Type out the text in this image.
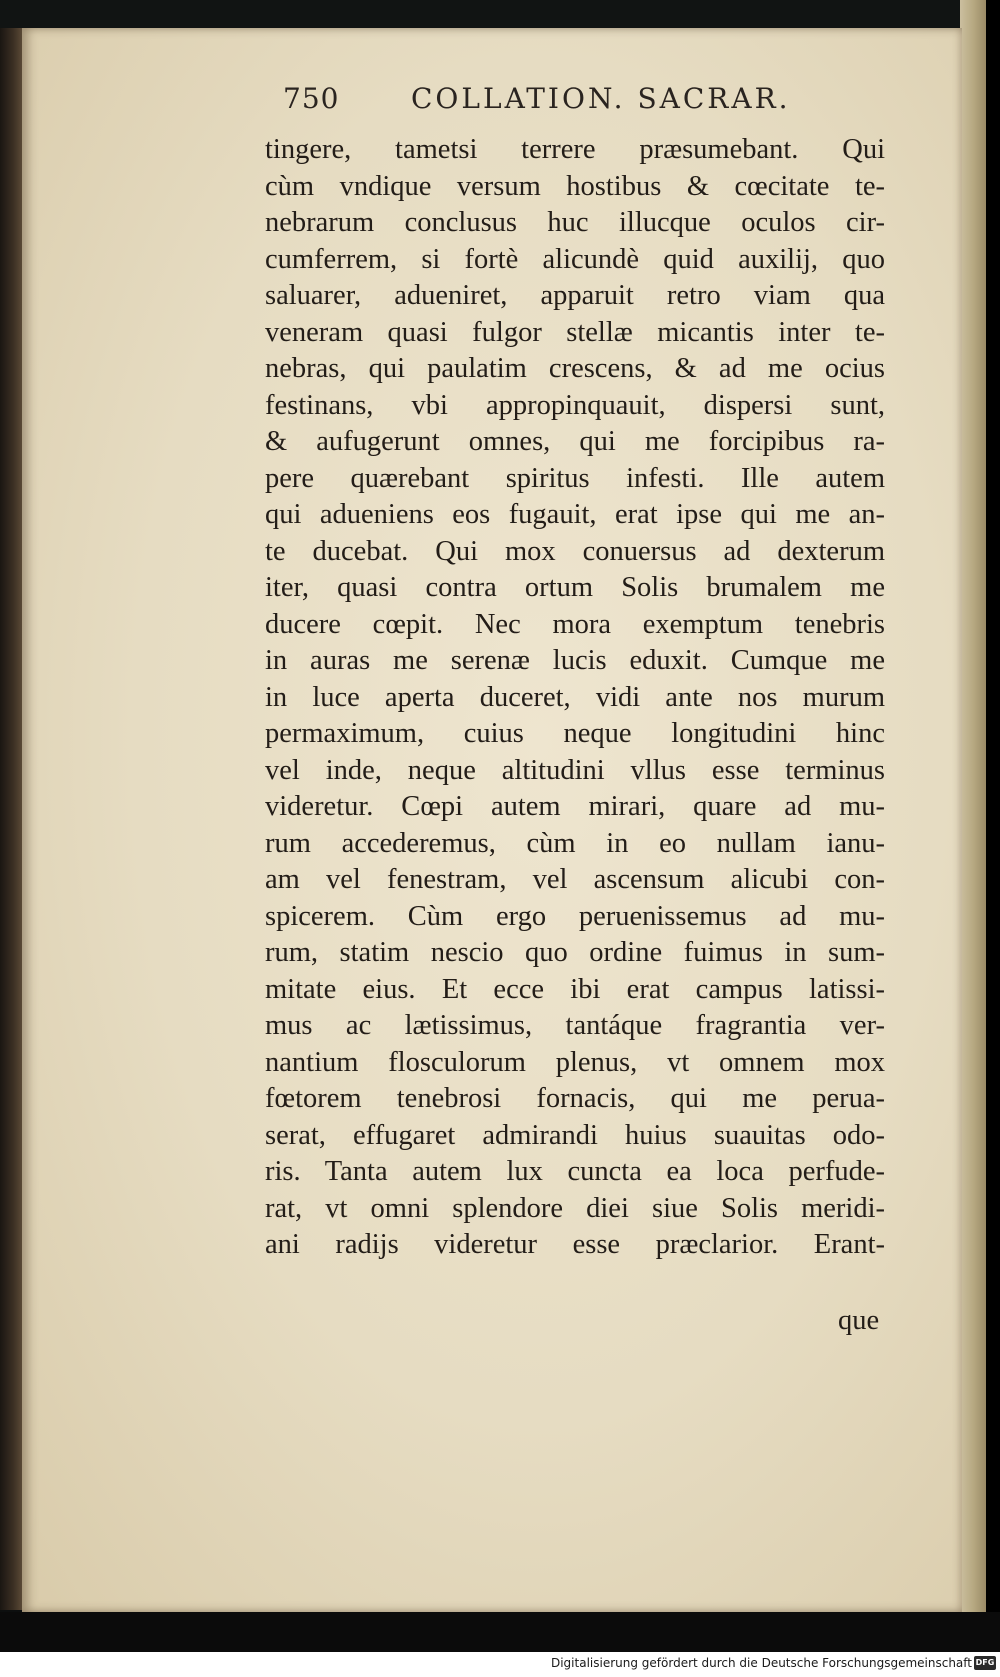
750	COLLATION. SACRAR.
tingere, tametsi terrere præsumebant. Qui
cùm vndique versum hostibus & cœcitate te-
nebrarum conclusus huc illucque oculos cir-
cumferrem, si fortè alicundè quid auxilij, quo
saluarer, adueniret, apparuit retro viam qua
veneram quasi fulgor stellæ micantis inter te-
nebras, qui paulatim crescens, & ad me ocius
festinans, vbi appropinquauit, dispersi sunt,
& aufugerunt omnes, qui me forcipibus ra-
pere quærebant spiritus infesti. Ille autem
qui adueniens eos fugauit, erat ipse qui me an-
te ducebat. Qui mox conuersus ad dexterum
iter, quasi contra ortum Solis brumalem me
ducere cœpit. Nec mora exemptum tenebris
in auras me serenæ lucis eduxit. Cumque me
in luce aperta duceret, vidi ante nos murum
permaximum, cuius neque longitudini hinc
vel inde, neque altitudini vllus esse terminus
videretur. Cœpi autem mirari, quare ad mu-
rum accederemus, cùm in eo nullam ianu-
am vel fenestram, vel ascensum alicubi con-
spicerem. Cùm ergo peruenissemus ad mu-
rum, statim nescio quo ordine fuimus in sum-
mitate eius. Et ecce ibi erat campus latissi-
mus ac lætissimus, tantáque fragrantia ver-
nantium flosculorum plenus, vt omnem mox
fœtorem tenebrosi fornacis, qui me perua-
serat, effugaret admirandi huius suauitas odo-
ris. Tanta autem lux cuncta ea loca perfude-
rat, vt omni splendore diei siue Solis meridi-
ani radijs videretur esse præclarior. Erant-
que
Digitalisierung gefördert durch die Deutsche Forschungsgemeinschaft DFG
